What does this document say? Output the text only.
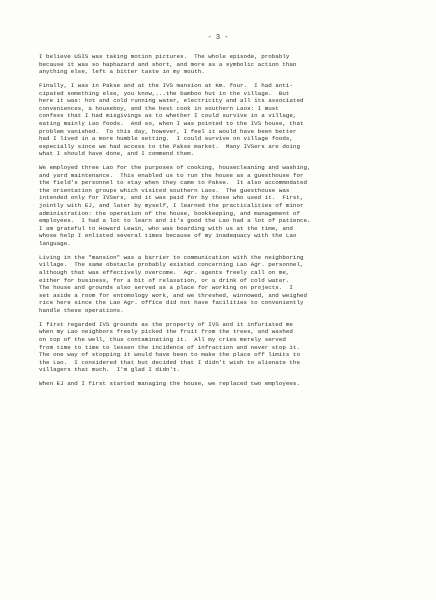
- 3 -
I believe USIS was taking motion pictures.  The whole episode, probably
because it was so haphazard and short, and more as a symbolic action than
anything else, left a bitter taste in my mouth.
Finally, I was in Pakse and at the IVS mansion at Km. four.  I had anti-
cipated something else, you know,...the bamboo hut in the village.  But
here it was: hot and cold running water, electricity and all its associated
conveniences, a houseboy, and the best cook in southern Laos: I must
confess that I had misgivings as to whether I could survive in a village,
eating mainly Lao foods.  And so, when I was pointed to the IVS house, that
problem vanished.  To this day, however, I feel it would have been better
had I lived in a more humble setting.  I could survive on village foods,
especially since we had access to the Pakse market.  Many IVSers are doing
what I should have done, and I commend them.
We employed three Lao for the purposes of cooking, housecleaning and washing,
and yard maintenance.  This enabled us to run the house as a guesthouse for
the field's personnel to stay when they came to Pakse.  It also accommodated
the orientation groups which visited southern Laos.  The guesthouse was
intended only for IVSers, and it was paid for by those who used it.  First,
jointly with EJ, and later by myself, I learned the practicalities of minor
administration: the operation of the house, bookkeeping, and management of
employees.  I had a lot to learn and it's good the Lao had a lot of patience.
I am grateful to Howard Lewin, who was boarding with us at the time, and
whose help I enlisted several times because of my inadequacy with the Lao
language.
Living in the "mansion" was a barrier to communication with the neighboring
village.  The same obstacle probably existed concerning Lao Agr. personnel,
although that was effectively overcome.  Agr. agents freely call on me,
either for business, for a bit of relaxation, or a drink of cold water.
The house and grounds also served as a place for working on projects.  I
set aside a room for entomology work, and we threshed, winnowed, and weighed
rice here since the Lao Agr. office did not have facilities to conveniently
handle these operations.
I first regarded IVS grounds as the property of IVS and it infuriated me
when my Lao neighbors freely picked the fruit from the trees, and washed
on top of the well, thus contaminating it.  All my cries merely served
from time to time to lessen the incidence of infraction and never stop it.
The one way of stopping it would have been to make the place off limits to
the Lao.  I considered that but decided that I didn't wish to alienate the
villagers that much.  I'm glad I didn't.
When EJ and I first started managing the house, we replaced two employees.
